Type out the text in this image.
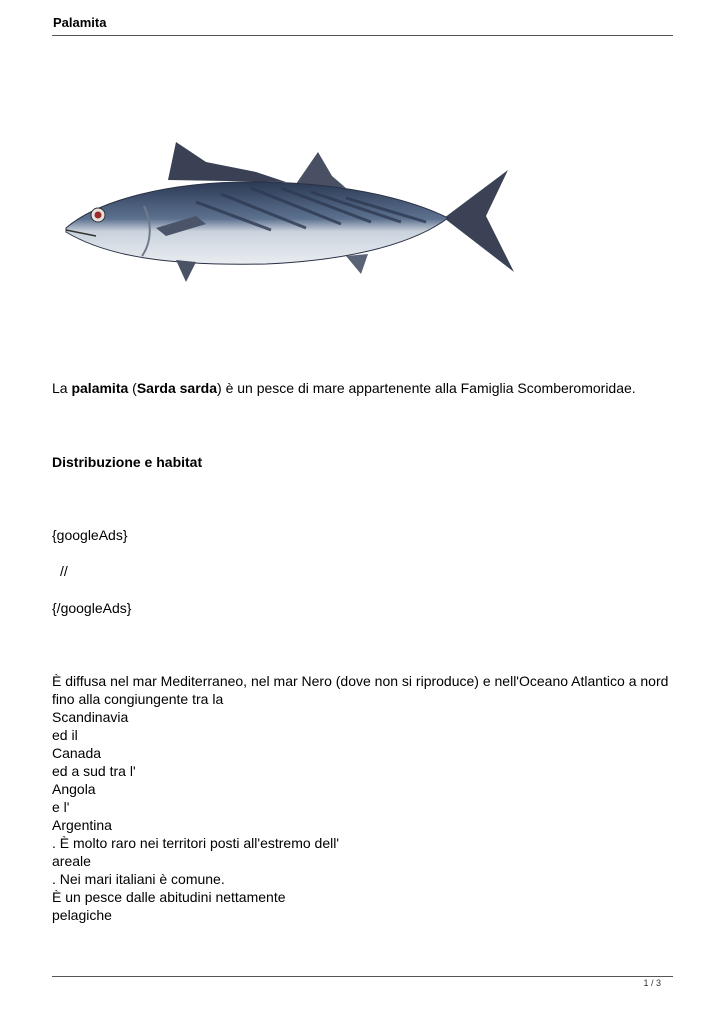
Palamita
La palamita (Sarda sarda) è un pesce di mare appartenente alla Famiglia Scomberomoridae.
Distribuzione e habitat
{googleAds}
//
{/googleAds}
È diffusa nel mar Mediterraneo, nel mar Nero (dove non si riproduce) e nell'Oceano Atlantico a nord fino alla congiungente tra la
Scandinavia
ed il
Canada
ed a sud tra l'
Angola
e l'
Argentina
. È molto raro nei territori posti all'estremo dell'
areale
. Nei mari italiani è comune.
È un pesce dalle abitudini nettamente
pelagiche
1 / 3
